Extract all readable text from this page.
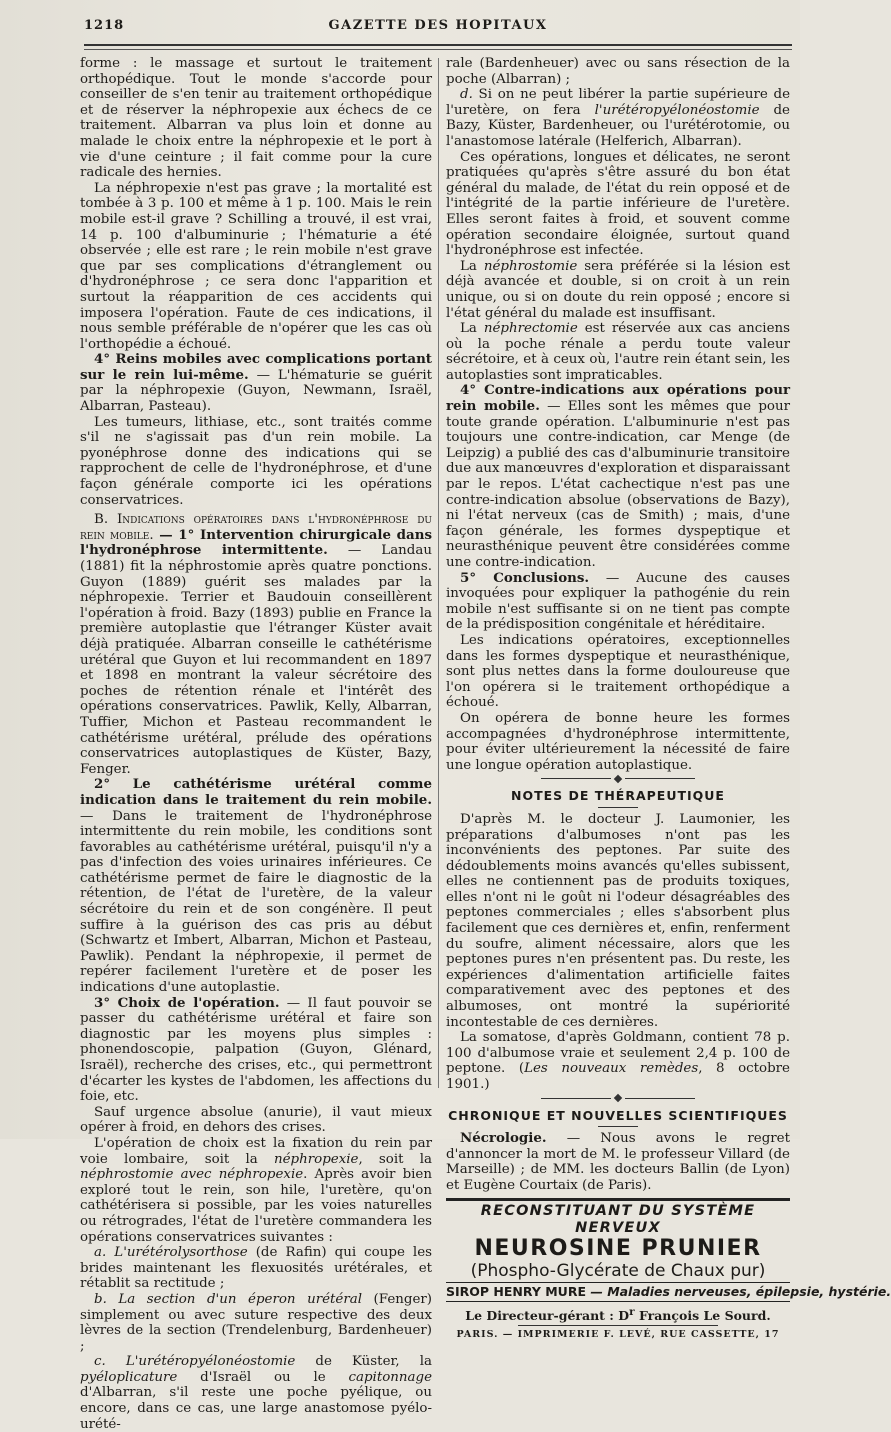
1218	GAZETTE DES HOPITAUX

forme : le massage et surtout le traitement orthopédique. Tout le monde s'accorde pour conseiller de s'en tenir au traitement orthopédique et de réserver la néphropexie aux échecs de ce traitement. Albarran va plus loin et donne au malade le choix entre la néphropexie et le port à vie d'une ceinture ; il fait comme pour la cure radicale des hernies.

La néphropexie n'est pas grave ; la mortalité est tombée à 3 p. 100 et même à 1 p. 100. Mais le rein mobile est-il grave ? Schilling a trouvé, il est vrai, 14 p. 100 d'albuminurie ; l'hématurie a été observée ; elle est rare ; le rein mobile n'est grave que par ses complications d'étranglement ou d'hydronéphrose ; ce sera donc l'apparition et surtout la réapparition de ces accidents qui imposera l'opération. Faute de ces indications, il nous semble préférable de n'opérer que les cas où l'orthopédie a échoué.

4° Reins mobiles avec complications portant sur le rein lui-même. — L'hématurie se guérit par la néphropexie (Guyon, Newmann, Israël, Albarran, Pasteau).

Les tumeurs, lithiase, etc., sont traités comme s'il ne s'agissait pas d'un rein mobile. La pyonéphrose donne des indications qui se rapprochent de celle de l'hydronéphrose, et d'une façon générale comporte ici les opérations conservatrices.

B. Indications opératoires dans l'hydronéphrose du rein mobile. — 1° Intervention chirurgicale dans l'hydronéphrose intermittente. — Landau (1881) fit la néphrostomie après quatre ponctions. Guyon (1889) guérit ses malades par la néphropexie. Terrier et Baudouin conseillèrent l'opération à froid. Bazy (1893) publie en France la première autoplastie que l'étranger Küster avait déjà pratiquée. Albarran conseille le cathétérisme urétéral que Guyon et lui recommandent en 1897 et 1898 en montrant la valeur sécrétoire des poches de rétention rénale et l'intérêt des opérations conservatrices. Pawlik, Kelly, Albarran, Tuffier, Michon et Pasteau recommandent le cathétérisme urétéral, prélude des opérations conservatrices autoplastiques de Küster, Bazy, Fenger.

2° Le cathétérisme urétéral comme indication dans le traitement du rein mobile. — Dans le traitement de l'hydronéphrose intermittente du rein mobile, les conditions sont favorables au cathétérisme urétéral, puisqu'il n'y a pas d'infection des voies urinaires inférieures. Ce cathétérisme permet de faire le diagnostic de la rétention, de l'état de l'uretère, de la valeur sécrétoire du rein et de son congénère. Il peut suffire à la guérison des cas pris au début (Schwartz et Imbert, Albarran, Michon et Pasteau, Pawlik). Pendant la néphropexie, il permet de repérer facilement l'uretère et de poser les indications d'une autoplastie.

3° Choix de l'opération. — Il faut pouvoir se passer du cathétérisme urétéral et faire son diagnostic par les moyens plus simples : phonendoscopie, palpation (Guyon, Glénard, Israël), recherche des crises, etc., qui permettront d'écarter les kystes de l'abdomen, les affections du foie, etc.

Sauf urgence absolue (anurie), il vaut mieux opérer à froid, en dehors des crises.

L'opération de choix est la fixation du rein par voie lombaire, soit la néphropexie, soit la néphrostomie avec néphropexie. Après avoir bien exploré tout le rein, son hile, l'uretère, qu'on cathétérisera si possible, par les voies naturelles ou rétrogrades, l'état de l'uretère commandera les opérations conservatrices suivantes :

a. L'urétérolysorthose (de Rafin) qui coupe les brides maintenant les flexuosités urétérales, et rétablit sa rectitude ;

b. La section d'un éperon urétéral (Fenger) simplement ou avec suture respective des deux lèvres de la section (Trendelenburg, Bardenheuer) ;

c. L'urétéropyélonéostomie de Küster, la pyéloplicature d'Israël ou le capitonnage d'Albarran, s'il reste une poche pyélique, ou encore, dans ce cas, une large anastomose pyélo-urété-

rale (Bardenheuer) avec ou sans résection de la poche (Albarran) ;

d. Si on ne peut libérer la partie supérieure de l'uretère, on fera l'urétéropyélonéostomie de Bazy, Küster, Bardenheuer, ou l'urétérotomie, ou l'anastomose latérale (Helferich, Albarran).

Ces opérations, longues et délicates, ne seront pratiquées qu'après s'être assuré du bon état général du malade, de l'état du rein opposé et de l'intégrité de la partie inférieure de l'uretère. Elles seront faites à froid, et souvent comme opération secondaire éloignée, surtout quand l'hydronéphrose est infectée.

La néphrostomie sera préférée si la lésion est déjà avancée et double, si on croit à un rein unique, ou si on doute du rein opposé ; encore si l'état général du malade est insuffisant.

La néphrectomie est réservée aux cas anciens où la poche rénale a perdu toute valeur sécrétoire, et à ceux où, l'autre rein étant sein, les autoplasties sont impraticables.

4° Contre-indications aux opérations pour rein mobile. — Elles sont les mêmes que pour toute grande opération. L'albuminurie n'est pas toujours une contre-indication, car Menge (de Leipzig) a publié des cas d'albuminurie transitoire due aux manœuvres d'exploration et disparaissant par le repos. L'état cachectique n'est pas une contre-indication absolue (observations de Bazy), ni l'état nerveux (cas de Smith) ; mais, d'une façon générale, les formes dyspeptique et neurasthénique peuvent être considérées comme une contre-indication.

5° Conclusions. — Aucune des causes invoquées pour expliquer la pathogénie du rein mobile n'est suffisante si on ne tient pas compte de la prédisposition congénitale et héréditaire.

Les indications opératoires, exceptionnelles dans les formes dyspeptique et neurasthénique, sont plus nettes dans la forme douloureuse que l'on opérera si le traitement orthopédique a échoué.

On opérera de bonne heure les formes accompagnées d'hydronéphrose intermittente, pour éviter ultérieurement la nécessité de faire une longue opération autoplastique.

NOTES DE THÉRAPEUTIQUE

D'après M. le docteur J. Laumonier, les préparations d'albumoses n'ont pas les inconvénients des peptones. Par suite des dédoublements moins avancés qu'elles subissent, elles ne contiennent pas de produits toxiques, elles n'ont ni le goût ni l'odeur désagréables des peptones commerciales ; elles s'absorbent plus facilement que ces dernières et, enfin, renferment du soufre, aliment nécessaire, alors que les peptones pures n'en présentent pas. Du reste, les expériences d'alimentation artificielle faites comparativement avec des peptones et des albumoses, ont montré la supériorité incontestable de ces dernières.

La somatose, d'après Goldmann, contient 78 p. 100 d'albumose vraie et seulement 2,4 p. 100 de peptone. (Les nouveaux remèdes, 8 octobre 1901.)

CHRONIQUE ET NOUVELLES SCIENTIFIQUES

Nécrologie. — Nous avons le regret d'annoncer la mort de M. le professeur Villard (de Marseille) ; de MM. les docteurs Ballin (de Lyon) et Eugène Courtaix (de Paris).

RECONSTITUANT DU SYSTÈME NERVEUX
NEUROSINE PRUNIER
(Phospho-Glycérate de Chaux pur)
SIROP HENRY MURE — Maladies nerveuses, épilepsie, hystérie.
Le Directeur-gérant : $D^r$ François Le Sourd.
PARIS. — IMPRIMERIE F. LEVÉ, RUE CASSETTE, 17
